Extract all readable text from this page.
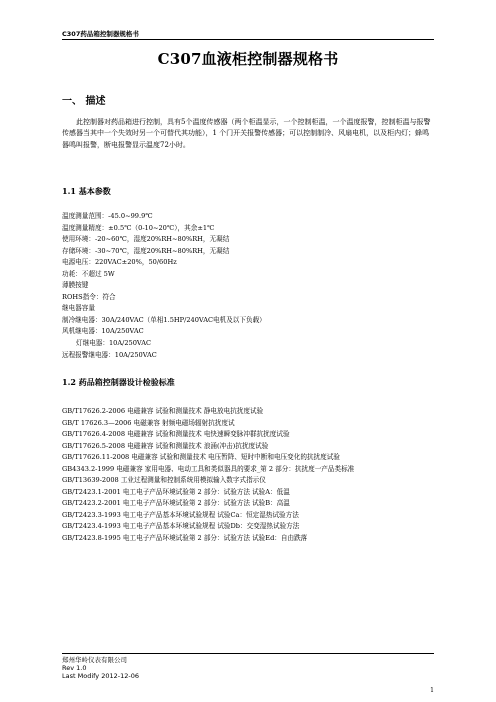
C307药品箱控制器规格书
C307血液柜控制器规格书
一、 描述
此控制器对药品箱进行控制，具有5个温度传感器（两个柜温显示，一个控制柜温，一个温度报警，控制柜温与报警传感器当其中一个失效时另一个可替代其功能），1 个门开关报警传感器；可以控制制冷、风扇电机，以及柜内灯；蜂鸣器鸣叫报警，断电报警显示温度72小时。
1.1 基本参数
温度测量范围：-45.0~99.9℃
温度测量精度：±0.5℃（0-10~20℃），其余±1℃
使用环境：-20~60℃，湿度20%RH~80%RH，无凝结
存储环境：-30~70℃，湿度20%RH~80%RH，无凝结
电源电压：220VAC±20%，50/60Hz
功耗：不超过 5W
薄膜按键
ROHS指令：符合
继电器容量
制冷继电器：30A/240VAC（单相1.5HP/240VAC电机及以下负载）
风机继电器：10A/250VAC
灯继电器：10A/250VAC
远程报警继电器：10A/250VAC
1.2 药品箱控制器设计检验标准
GB/T17626.2-2006 电磁兼容 试验和测量技术 静电放电抗扰度试验
GB/T 17626.3—2006 电磁兼容 射频电磁场辐射抗扰度试
GB/T17626.4-2008 电磁兼容 试验和测量技术 电快速瞬变脉冲群抗扰度试验
GB/T17626.5-2008 电磁兼容 试验和测量技术 浪涌(冲击)抗扰度试验
GB/T17626.11-2008 电磁兼容 试验和测量技术 电压暂降、短时中断和电压变化的抗扰度试验
GB4343.2-1999 电磁兼容 家用电器、电动工具和类似器具的要求_第 2 部分：抗扰度一产品类标准
GB/T13639-2008 工业过程测量和控制系统用模拟输入数字式指示仪
GB/T2423.1-2001 电工电子产品环境试验第 2 部分：试验方法 试验A：低温
GB/T2423.2-2001 电工电子产品环境试验第 2 部分：试验方法 试验B：高温
GB/T2423.3-1993 电工电子产品基本环境试验规程 试验Ca：恒定湿热试验方法
GB/T2423.4-1993 电工电子产品基本环境试验规程 试验Db：交变湿热试验方法
GB/T2423.8-1995 电工电子产品环境试验第 2 部分：试验方法 试验Ed：自由跌落
郑州华岭仪表有限公司
Rev 1.0
Last Modify 2012-12-06
1
